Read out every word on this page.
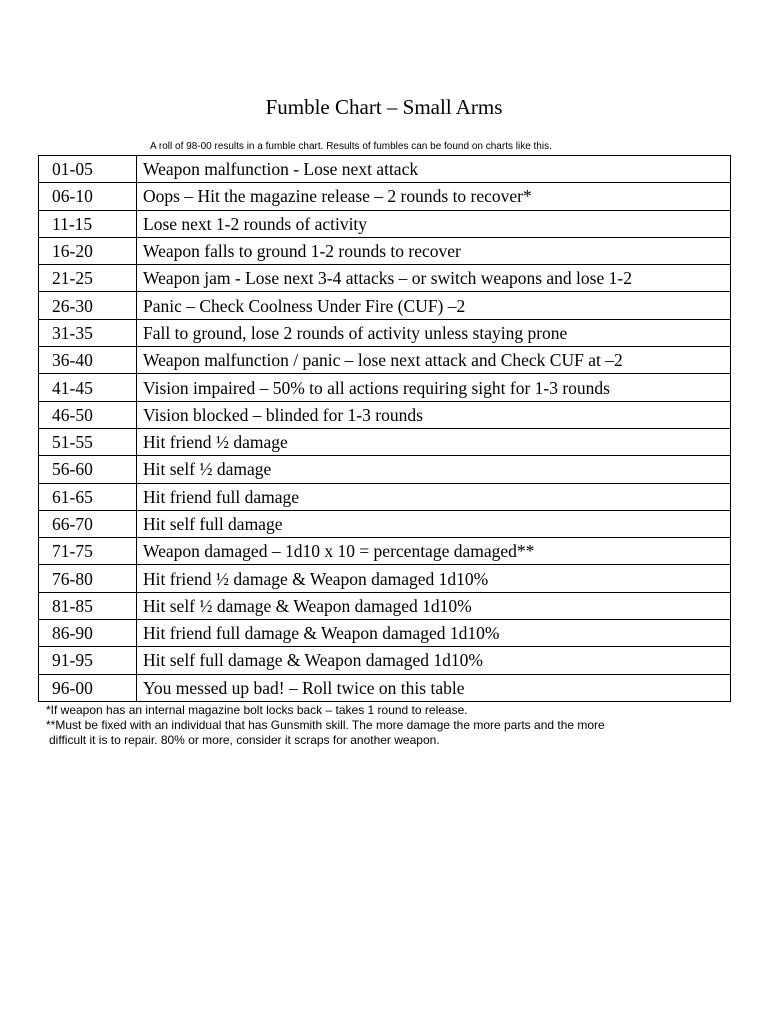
Fumble Chart – Small Arms
A roll of 98-00 results in a fumble chart. Results of fumbles can be found on charts like this.
01-05	Weapon malfunction - Lose next attack
06-10	Oops – Hit the magazine release – 2 rounds to recover*
11-15	Lose next 1-2 rounds of activity
16-20	Weapon falls to ground 1-2 rounds to recover
21-25	Weapon jam - Lose next 3-4 attacks – or switch weapons and lose 1-2
26-30	Panic – Check Coolness Under Fire (CUF) –2
31-35	Fall to ground, lose 2 rounds of activity unless staying prone
36-40	Weapon malfunction / panic – lose next attack and Check CUF at –2
41-45	Vision impaired – 50% to all actions requiring sight for 1-3 rounds
46-50	Vision blocked – blinded for 1-3 rounds
51-55	Hit friend ½ damage
56-60	Hit self ½ damage
61-65	Hit friend full damage
66-70	Hit self full damage
71-75	Weapon damaged – 1d10 x 10 = percentage damaged**
76-80	Hit friend ½ damage & Weapon damaged 1d10%
81-85	Hit self ½ damage & Weapon damaged 1d10%
86-90	Hit friend full damage & Weapon damaged 1d10%
91-95	Hit self full damage & Weapon damaged 1d10%
96-00	You messed up bad! – Roll twice on this table
*If weapon has an internal magazine bolt locks back – takes 1 round to release.
**Must be fixed with an individual that has Gunsmith skill. The more damage the more parts and the more
difficult it is to repair. 80% or more, consider it scraps for another weapon.
